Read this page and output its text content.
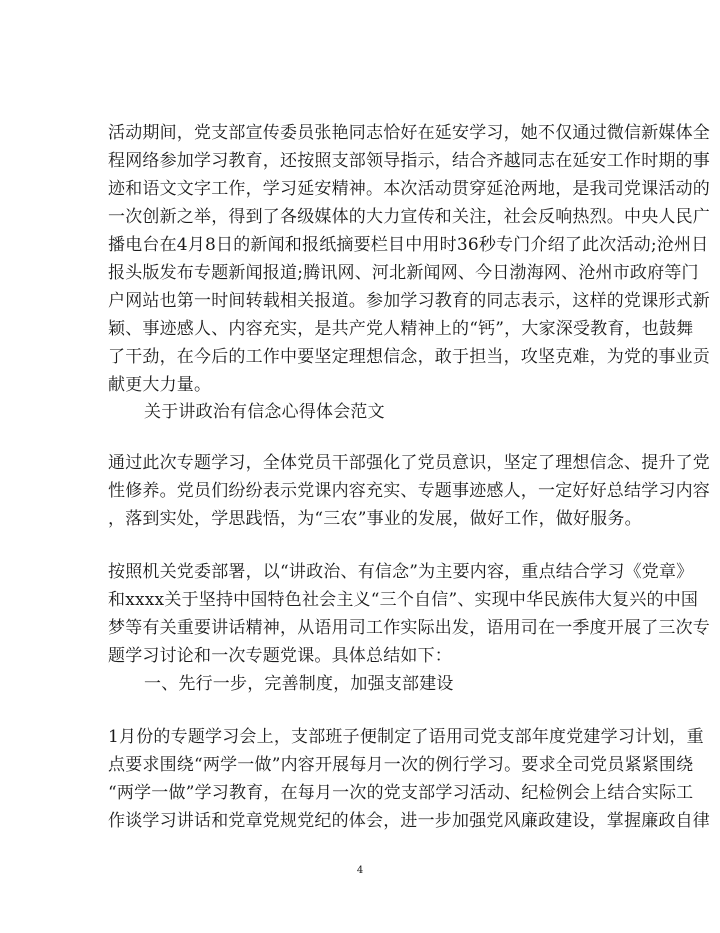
活动期间，党支部宣传委员张艳同志恰好在延安学习，她不仅通过微信新媒体全
程网络参加学习教育，还按照支部领导指示，结合齐越同志在延安工作时期的事
迹和语文文字工作，学习延安精神。本次活动贯穿延沧两地，是我司党课活动的
一次创新之举，得到了各级媒体的大力宣传和关注，社会反响热烈。中央人民广
播电台在4月8日的新闻和报纸摘要栏目中用时36秒专门介绍了此次活动;沧州日
报头版发布专题新闻报道;腾讯网、河北新闻网、今日渤海网、沧州市政府等门
户网站也第一时间转载相关报道。参加学习教育的同志表示，这样的党课形式新
颖、事迹感人、内容充实，是共产党人精神上的“钙”，大家深受教育，也鼓舞
了干劲，在今后的工作中要坚定理想信念，敢于担当，攻坚克难，为党的事业贡
献更大力量。
关于讲政治有信念心得体会范文
通过此次专题学习，全体党员干部强化了党员意识，坚定了理想信念、提升了党
性修养。党员们纷纷表示党课内容充实、专题事迹感人，一定好好总结学习内容
，落到实处，学思践悟，为“三农”事业的发展，做好工作，做好服务。
按照机关党委部署，以“讲政治、有信念”为主要内容，重点结合学习《党章》
和xxxx关于坚持中国特色社会主义“三个自信”、实现中华民族伟大复兴的中国
梦等有关重要讲话精神，从语用司工作实际出发，语用司在一季度开展了三次专
题学习讨论和一次专题党课。具体总结如下：
一、先行一步，完善制度，加强支部建设
1月份的专题学习会上，支部班子便制定了语用司党支部年度党建学习计划，重
点要求围绕“两学一做”内容开展每月一次的例行学习。要求全司党员紧紧围绕
“两学一做”学习教育，在每月一次的党支部学习活动、纪检例会上结合实际工
作谈学习讲话和党章党规党纪的体会，进一步加强党风廉政建设，掌握廉政自律
4
